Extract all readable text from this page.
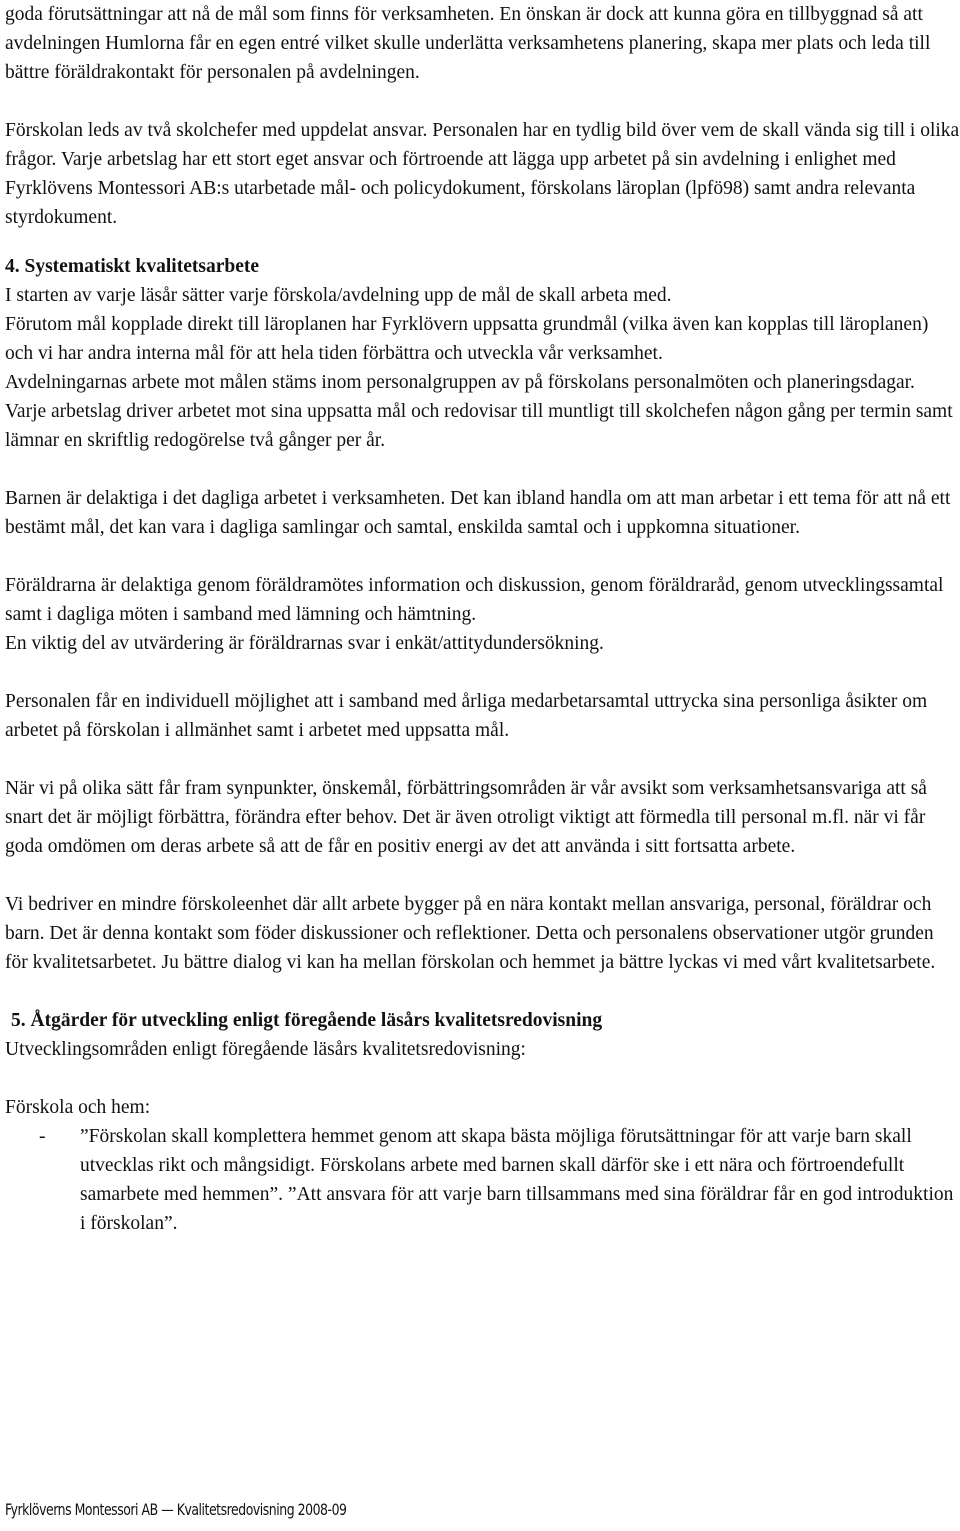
goda förutsättningar att nå de mål som finns för verksamheten. En önskan är dock att kunna göra en tillbyggnad så att avdelningen Humlorna får en egen entré vilket skulle underlätta verksamhetens planering, skapa mer plats och leda till bättre föräldrakontakt för personalen på avdelningen.

Förskolan leds av två skolchefer med uppdelat ansvar. Personalen har en tydlig bild över vem de skall vända sig till i olika frågor. Varje arbetslag har ett stort eget ansvar och förtroende att lägga upp arbetet på sin avdelning i enlighet med Fyrklövens Montessori AB:s utarbetade mål- och policydokument, förskolans läroplan (lpfö98) samt andra relevanta styrdokument.

4. Systematiskt kvalitetsarbete

I starten av varje läsår sätter varje förskola/avdelning upp de mål de skall arbeta med.

Förutom mål kopplade direkt till läroplanen har Fyrklövern uppsatta grundmål (vilka även kan kopplas till läroplanen) och vi har andra interna mål för att hela tiden förbättra och utveckla vår verksamhet.

Avdelningarnas arbete mot målen stäms inom personalgruppen av på förskolans personalmöten och planeringsdagar. Varje arbetslag driver arbetet mot sina uppsatta mål och redovisar till muntligt till skolchefen någon gång per termin samt lämnar en skriftlig redogörelse två gånger per år.

Barnen är delaktiga i det dagliga arbetet i verksamheten. Det kan ibland handla om att man arbetar i ett tema för att nå ett bestämt mål, det kan vara i dagliga samlingar och samtal, enskilda samtal och i uppkomna situationer.

Föräldrarna är delaktiga genom föräldramötes information och diskussion, genom föräldraråd, genom utvecklingssamtal samt i dagliga möten i samband med lämning och hämtning.

En viktig del av utvärdering är föräldrarnas svar i enkät/attitydundersökning.

Personalen får en individuell möjlighet att i samband med årliga medarbetarsamtal uttrycka sina personliga åsikter om arbetet på förskolan i allmänhet samt i arbetet med uppsatta mål.

När vi på olika sätt får fram synpunkter, önskemål, förbättringsområden är vår avsikt som verksamhetsansvariga att så snart det är möjligt förbättra, förändra efter behov. Det är även otroligt viktigt att förmedla till personal m.fl. när vi får goda omdömen om deras arbete så att de får en positiv energi av det att använda i sitt fortsatta arbete.

Vi bedriver en mindre förskoleenhet där allt arbete bygger på en nära kontakt mellan ansvariga, personal, föräldrar och barn. Det är denna kontakt som föder diskussioner och reflektioner. Detta och personalens observationer utgör grunden för kvalitetsarbetet. Ju bättre dialog vi kan ha mellan förskolan och hemmet ja bättre lyckas vi med vårt kvalitetsarbete.

5. Åtgärder för utveckling enligt föregående läsårs kvalitetsredovisning

Utvecklingsområden enligt föregående läsårs kvalitetsredovisning:

Förskola och hem:

- ”Förskolan skall komplettera hemmet genom att skapa bästa möjliga förutsättningar för att varje barn skall utvecklas rikt och mångsidigt. Förskolans arbete med barnen skall därför ske i ett nära och förtroendefullt samarbete med hemmen”. ”Att ansvara för att varje barn tillsammans med sina föräldrar får en god introduktion i förskolan”.

Fyrklöverns Montessori AB — Kvalitetsredovisning 2008-09
